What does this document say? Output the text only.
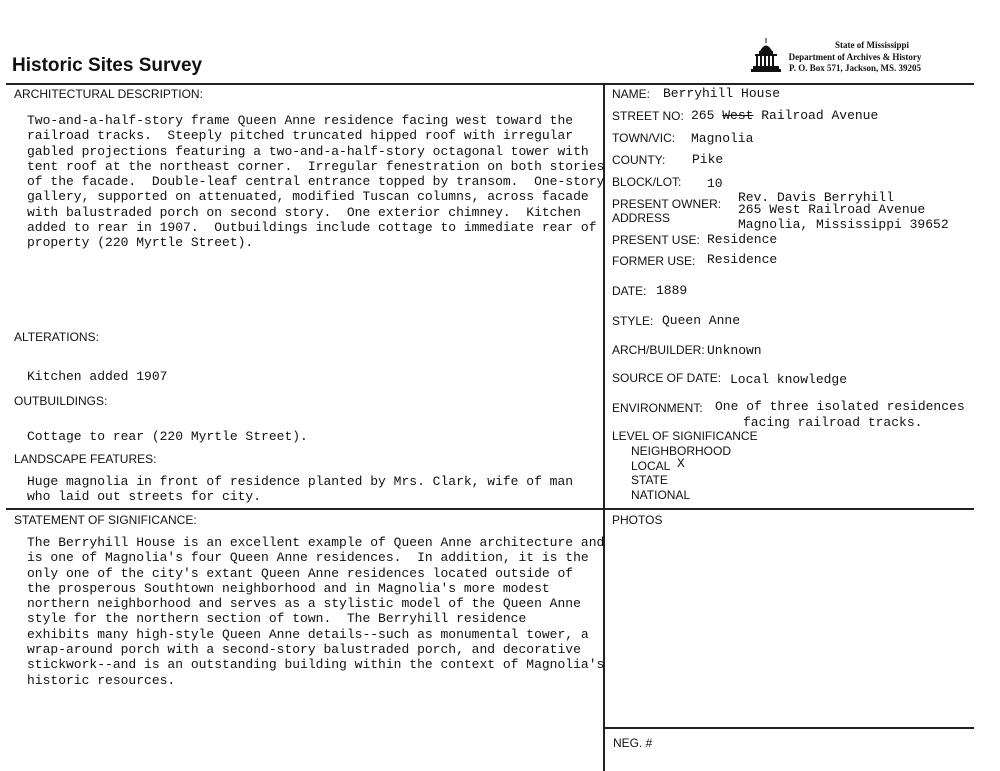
Historic Sites Survey
State of Mississippi
Department of Archives & History
P. O. Box 571, Jackson, MS. 39205
ARCHITECTURAL DESCRIPTION:
Two-and-a-half-story frame Queen Anne residence facing west toward the
railroad tracks.  Steeply pitched truncated hipped roof with irregular
gabled projections featuring a two-and-a-half-story octagonal tower with
tent roof at the northeast corner.  Irregular fenestration on both stories
of the facade.  Double-leaf central entrance topped by transom.  One-story
gallery, supported on attenuated, modified Tuscan columns, across facade
with balustraded porch on second story.  One exterior chimney.  Kitchen
added to rear in 1907.  Outbuildings include cottage to immediate rear of
property (220 Myrtle Street).
ALTERATIONS:
Kitchen added 1907
OUTBUILDINGS:
Cottage to rear (220 Myrtle Street).
LANDSCAPE FEATURES:
Huge magnolia in front of residence planted by Mrs. Clark, wife of man
who laid out streets for city.
STATEMENT OF SIGNIFICANCE:
The Berryhill House is an excellent example of Queen Anne architecture and
is one of Magnolia's four Queen Anne residences.  In addition, it is the
only one of the city's extant Queen Anne residences located outside of
the prosperous Southtown neighborhood and in Magnolia's more modest
northern neighborhood and serves as a stylistic model of the Queen Anne
style for the northern section of town.  The Berryhill residence
exhibits many high-style Queen Anne details--such as monumental tower, a
wrap-around porch with a second-story balustraded porch, and decorative
stickwork--and is an outstanding building within the context of Magnolia's
historic resources.
NAME: Berryhill House
STREET NO: 265 West Railroad Avenue
TOWN/VIC: Magnolia
COUNTY: Pike
BLOCK/LOT: 10
PRESENT OWNER:
ADDRESS
Rev. Davis Berryhill
265 West Railroad Avenue
Magnolia, Mississippi 39652
PRESENT USE: Residence
FORMER USE: Residence
DATE: 1889
STYLE: Queen Anne
ARCH/BUILDER: Unknown
SOURCE OF DATE: Local knowledge
ENVIRONMENT: One of three isolated residences
facing railroad tracks.
LEVEL OF SIGNIFICANCE
NEIGHBORHOOD
LOCAL X
STATE
NATIONAL
PHOTOS
NEG. #
